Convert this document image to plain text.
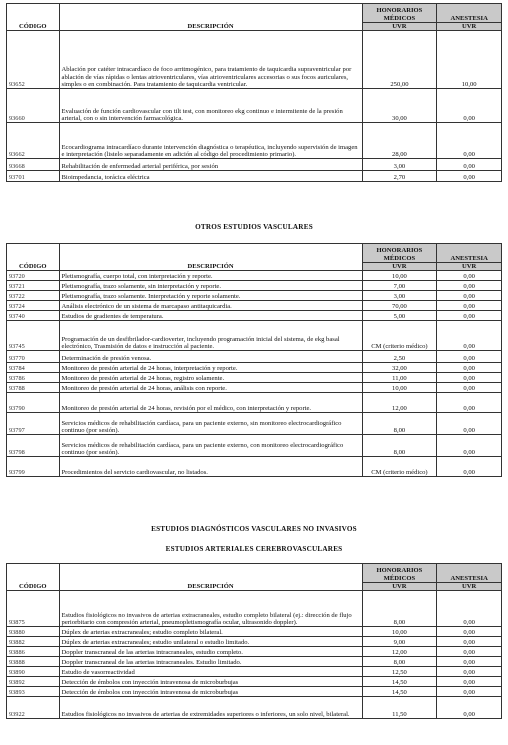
CÓDIGO	DESCRIPCIÓN	HONORARIOS MÉDICOS	ANESTESIA
		UVR	UVR
93652	Ablación por catéter intracardíaco de foco arritmogénico, para tratamiento de taquicardia supraventricular por ablación de vías rápidas o lentas atrioventriculares, vías atrioventriculares accesorias o sus focos auriculares, simples o en combinación. Para tratamiento de taquicardia ventricular.	250,00	10,00
93660	Evaluación de función cardiovascular con tilt test, con monitoreo ekg continuo e intermitente de la presión arterial, con o sin intervención farmacológica.	30,00	0,00
93662	Ecocardiograma intracardíaco durante intervención diagnóstica o terapéutica, incluyendo supervisión de imagen e interpretación (listelo separadamente en adición al código del procedimiento primario).	28,00	0,00
93668	Rehabilitación de enfermedad arterial periférica, por sesión	3,00	0,00
93701	Bioimpedancia, torácica eléctrica	2,70	0,00
OTROS ESTUDIOS VASCULARES
CÓDIGO	DESCRIPCIÓN	HONORARIOS MÉDICOS	ANESTESIA
		UVR	UVR
93720	Pletismografía, cuerpo total, con interpretación y reporte.	10,00	0,00
93721	Pletismografía, trazo solamente, sin interpretación y reporte.	7,00	0,00
93722	Pletismografía, trazo solamente. Interpretación y reporte solamente.	3,00	0,00
93724	Análisis electrónico de un sistema de marcapaso antitaquicardia.	70,00	0,00
93740	Estudios de gradientes de temperatura.	5,00	0,00
93745	Programación de un desfibrilador-cardioverter, incluyendo programación inicial del sistema, de ekg basal electrónico, Trasmisión de datos e instrucción al paciente.	CM (criterio médico)	0,00
93770	Determinación de presión venosa.	2,50	0,00
93784	Monitoreo de presión arterial de 24 horas, interpretación y reporte.	32,00	0,00
93786	Monitoreo de presión arterial de 24 horas, registro solamente.	11,00	0,00
93788	Monitoreo de presión arterial de 24 horas, análisis con reporte.	10,00	0,00
93790	Monitoreo de presión arterial de 24 horas, revisión por el médico, con interpretación y reporte.	12,00	0,00
93797	Servicios médicos de rehabilitación cardíaca, para un paciente externo, sin monitoreo electrocardiográfico continuo (por sesión).	8,00	0,00
93798	Servicios médicos de rehabilitación cardíaca, para un paciente externo, con monitoreo electrocardiográfico continuo (por sesión).	8,00	0,00
93799	Procedimientos del servicio cardiovascular, no listados.	CM (criterio médico)	0,00
ESTUDIOS DIAGNÓSTICOS VASCULARES NO INVASIVOS
ESTUDIOS ARTERIALES CEREBROVASCULARES
CÓDIGO	DESCRIPCIÓN	HONORARIOS MÉDICOS	ANESTESIA
		UVR	UVR
93875	Estudios fisiológicos no invasivos de arterias extracraneales, estudio completo bilateral (ej.: dirección de flujo periorbitario con compresión arterial, pneumopletismografía ocular, ultrasonido doppler).	8,00	0,00
93880	Dúplex de arterias extracraneales; estudio completo bilateral.	10,00	0,00
93882	Dúplex de arterias extracraneales; estudio unilateral o estudio limitado.	9,00	0,00
93886	Doppler transcraneal de las arterias intracraneales, estudio completo.	12,00	0,00
93888	Doppler transcraneal de las arterias intracraneales. Estudio limitado.	8,00	0,00
93890	Estudio de vasorreactividad	12,50	0,00
93892	Detección de émbolos con inyección intravenosa de microburbujas	14,50	0,00
93893	Detección de émbolos con inyección intravenosa de microburbujas	14,50	0,00
93922	Estudios fisiológicos no invasivos de arterias de extremidades superiores o inferiores, un solo nivel, bilateral.	11,50	0,00
